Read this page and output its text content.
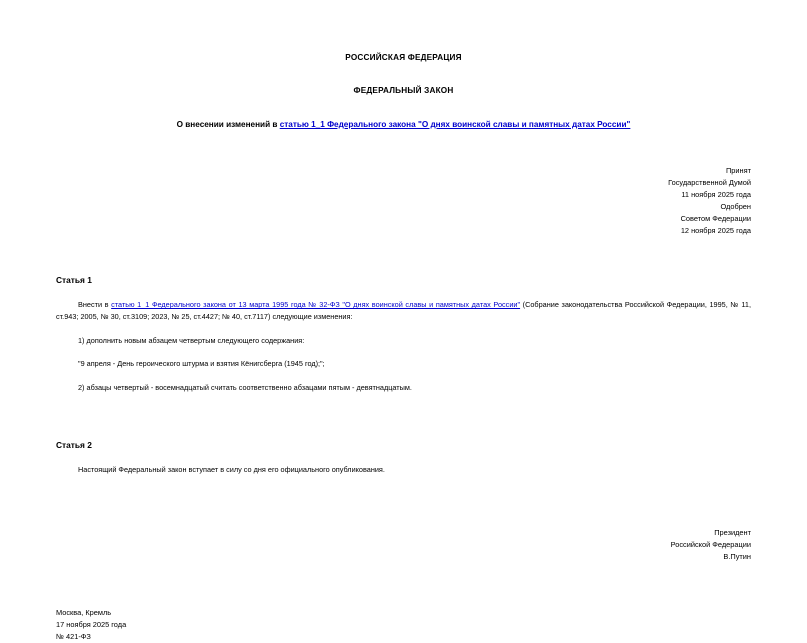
РОССИЙСКАЯ ФЕДЕРАЦИЯ
ФЕДЕРАЛЬНЫЙ ЗАКОН
О внесении изменений в статью 1_1 Федерального закона "О днях воинской славы и памятных датах России"
Принят
Государственной Думой
11 ноября 2025 года
Одобрен
Советом Федерации
12 ноября 2025 года
Статья 1
Внести в статью 1_1 Федерального закона от 13 марта 1995 года № 32-ФЗ "О днях воинской славы и памятных датах России" (Собрание законодательства Российской Федерации, 1995, № 11, ст.943; 2005, № 30, ст.3109; 2023, № 25, ст.4427; № 40, ст.7117) следующие изменения:
1) дополнить новым абзацем четвертым следующего содержания:
"9 апреля - День героического штурма и взятия Кёнигсберга (1945 год);";
2) абзацы четвертый - восемнадцатый считать соответственно абзацами пятым - девятнадцатым.
Статья 2
Настоящий Федеральный закон вступает в силу со дня его официального опубликования.
Президент
Российской Федерации
В.Путин
Москва, Кремль
17 ноября 2025 года
№ 421-ФЗ
